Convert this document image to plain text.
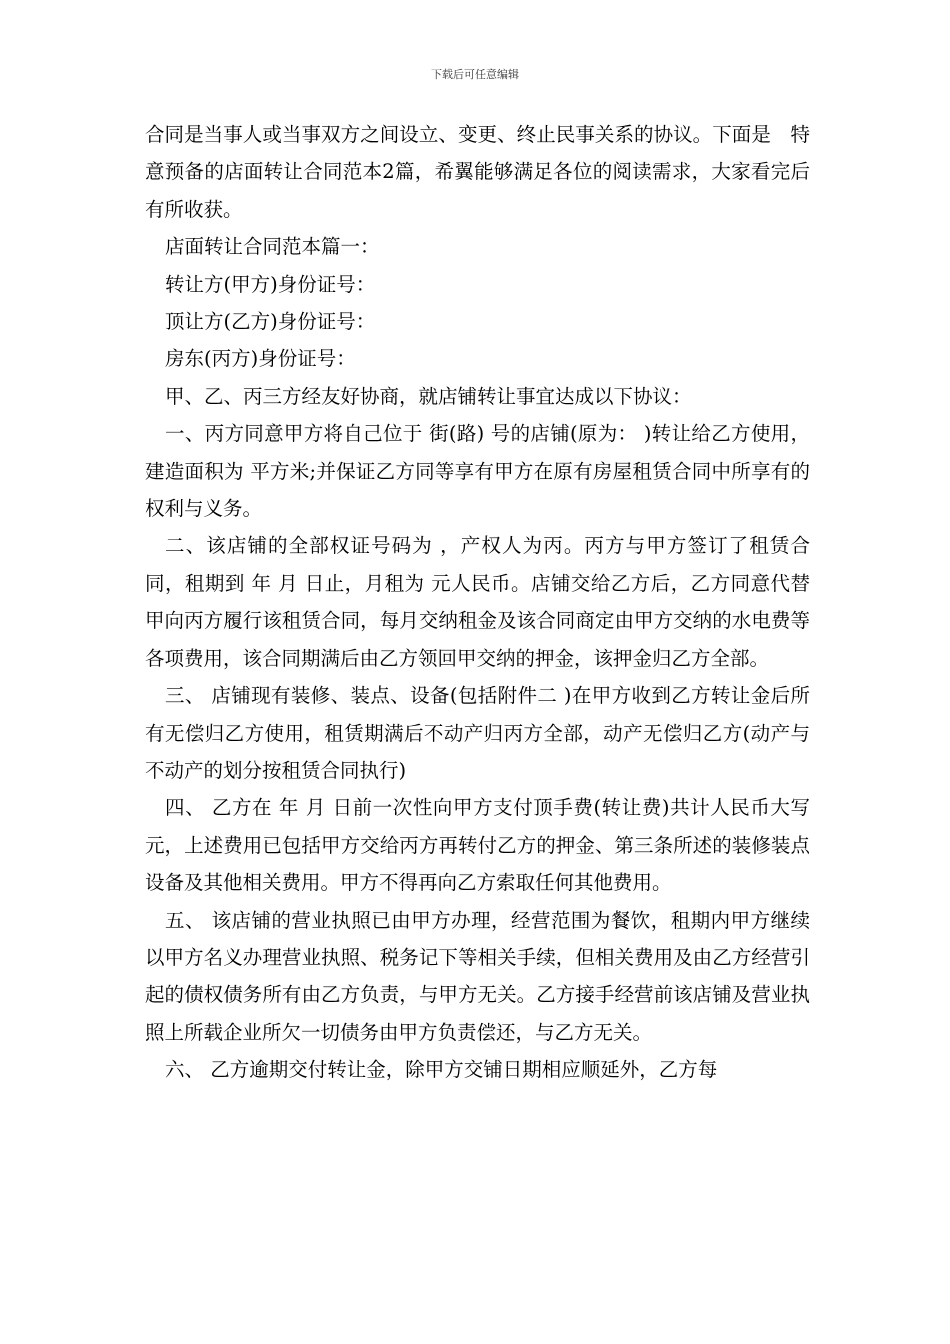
下载后可任意编辑

合同是当事人或当事双方之间设立、变更、终止民事关系的协议。下面是　特意预备的店面转让合同范本2篇，希翼能够满足各位的阅读需求，大家看完后有所收获。

店面转让合同范本篇一：

转让方(甲方)身份证号：

顶让方(乙方)身份证号：

房东(丙方)身份证号：

甲、乙、丙三方经友好协商，就店铺转让事宜达成以下协议：

一、丙方同意甲方将自己位于 街(路) 号的店铺(原为： )转让给乙方使用，建造面积为 平方米;并保证乙方同等享有甲方在原有房屋租赁合同中所享有的权利与义务。

二、该店铺的全部权证号码为 ，产权人为丙。丙方与甲方签订了租赁合同，租期到 年 月 日止，月租为 元人民币。店铺交给乙方后，乙方同意代替甲向丙方履行该租赁合同，每月交纳租金及该合同商定由甲方交纳的水电费等各项费用，该合同期满后由乙方领回甲交纳的押金，该押金归乙方全部。

三、 店铺现有装修、装点、设备(包括附件二 )在甲方收到乙方转让金后所有无偿归乙方使用，租赁期满后不动产归丙方全部，动产无偿归乙方(动产与不动产的划分按租赁合同执行)

四、 乙方在 年 月 日前一次性向甲方支付顶手费(转让费)共计人民币大写 元，上述费用已包括甲方交给丙方再转付乙方的押金、第三条所述的装修装点设备及其他相关费用。甲方不得再向乙方索取任何其他费用。

五、 该店铺的营业执照已由甲方办理，经营范围为餐饮，租期内甲方继续以甲方名义办理营业执照、税务记下等相关手续，但相关费用及由乙方经营引起的债权债务所有由乙方负责，与甲方无关。乙方接手经营前该店铺及营业执照上所载企业所欠一切债务由甲方负责偿还，与乙方无关。

六、 乙方逾期交付转让金，除甲方交铺日期相应顺延外，乙方每
